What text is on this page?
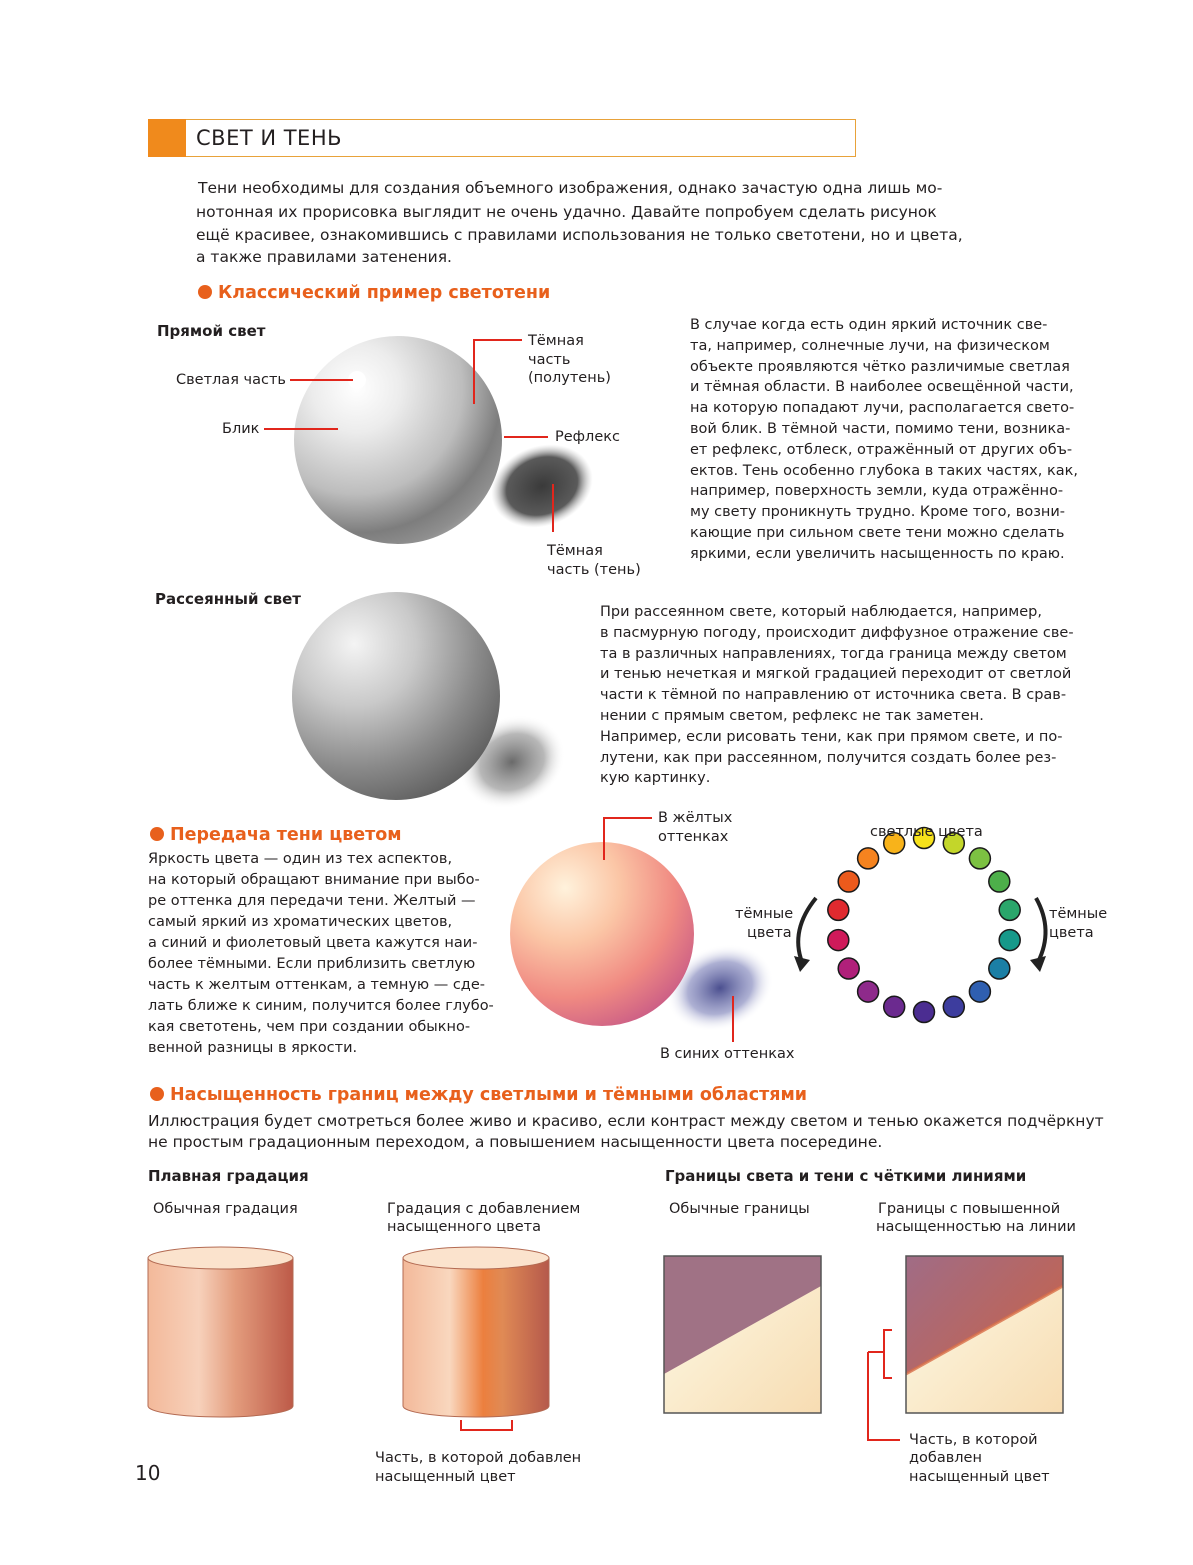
СВЕТ И ТЕНЬ
Тени необходимы для создания объемного изображения, однако зачастую одна лишь мо-
нотонная их прорисовка выглядит не очень удачно. Давайте попробуем сделать рисунок
ещё красивее, ознакомившись с правилами использования не только светотени, но и цвета,
а также правилами затенения.
Классический пример светотени
Прямой свет
Светлая часть
Блик
Тёмная
часть
(полутень)
Рефлекс
Тёмная
часть (тень)
В случае когда есть один яркий источник све-
та, например, солнечные лучи, на физическом
объекте проявляются чётко различимые светлая
и тёмная области. В наиболее освещённой части,
на которую попадают лучи, располагается свето-
вой блик. В тёмной части, помимо тени, возника-
ет рефлекс, отблеск, отражённый от других объ-
ектов. Тень особенно глубока в таких частях, как,
например, поверхность земли, куда отражённо-
му свету проникнуть трудно. Кроме того, возни-
кающие при сильном свете тени можно сделать
яркими, если увеличить насыщенность по краю.
Рассеянный свет
При рассеянном свете, который наблюдается, например,
в пасмурную погоду, происходит диффузное отражение све-
та в различных направлениях, тогда граница между светом
и тенью нечеткая и мягкой градацией переходит от светлой
части к тёмной по направлению от источника света. В срав-
нении с прямым светом, рефлекс не так заметен.
Например, если рисовать тени, как при прямом свете, и по-
лутени, как при рассеянном, получится создать более рез-
кую картинку.
Передача тени цветом
Яркость цвета — один из тех аспектов,
на который обращают внимание при выбо-
ре оттенка для передачи тени. Желтый —
самый яркий из хроматических цветов,
а синий и фиолетовый цвета кажутся наи-
более тёмными. Если приблизить светлую
часть к желтым оттенкам, а темную — сде-
лать ближе к синим, получится более глубо-
кая светотень, чем при создании обыкно-
венной разницы в яркости.
В жёлтых
оттенках
В синих оттенках
светлые цвета
тёмные
цвета
тёмные
цвета
Насыщенность границ между светлыми и тёмными областями
Иллюстрация будет смотреться более живо и красиво, если контраст между светом и тенью окажется подчёркнут
не простым градационным переходом, а повышением насыщенности цвета посередине.
Плавная градация
Обычная градация	Градация с добавлением
насыщенного цвета
Часть, в которой добавлен
насыщенный цвет
Границы света и тени с чёткими линиями
Обычные границы	Границы с повышенной
насыщенностью на линии
Часть, в которой
добавлен
насыщенный цвет
10
